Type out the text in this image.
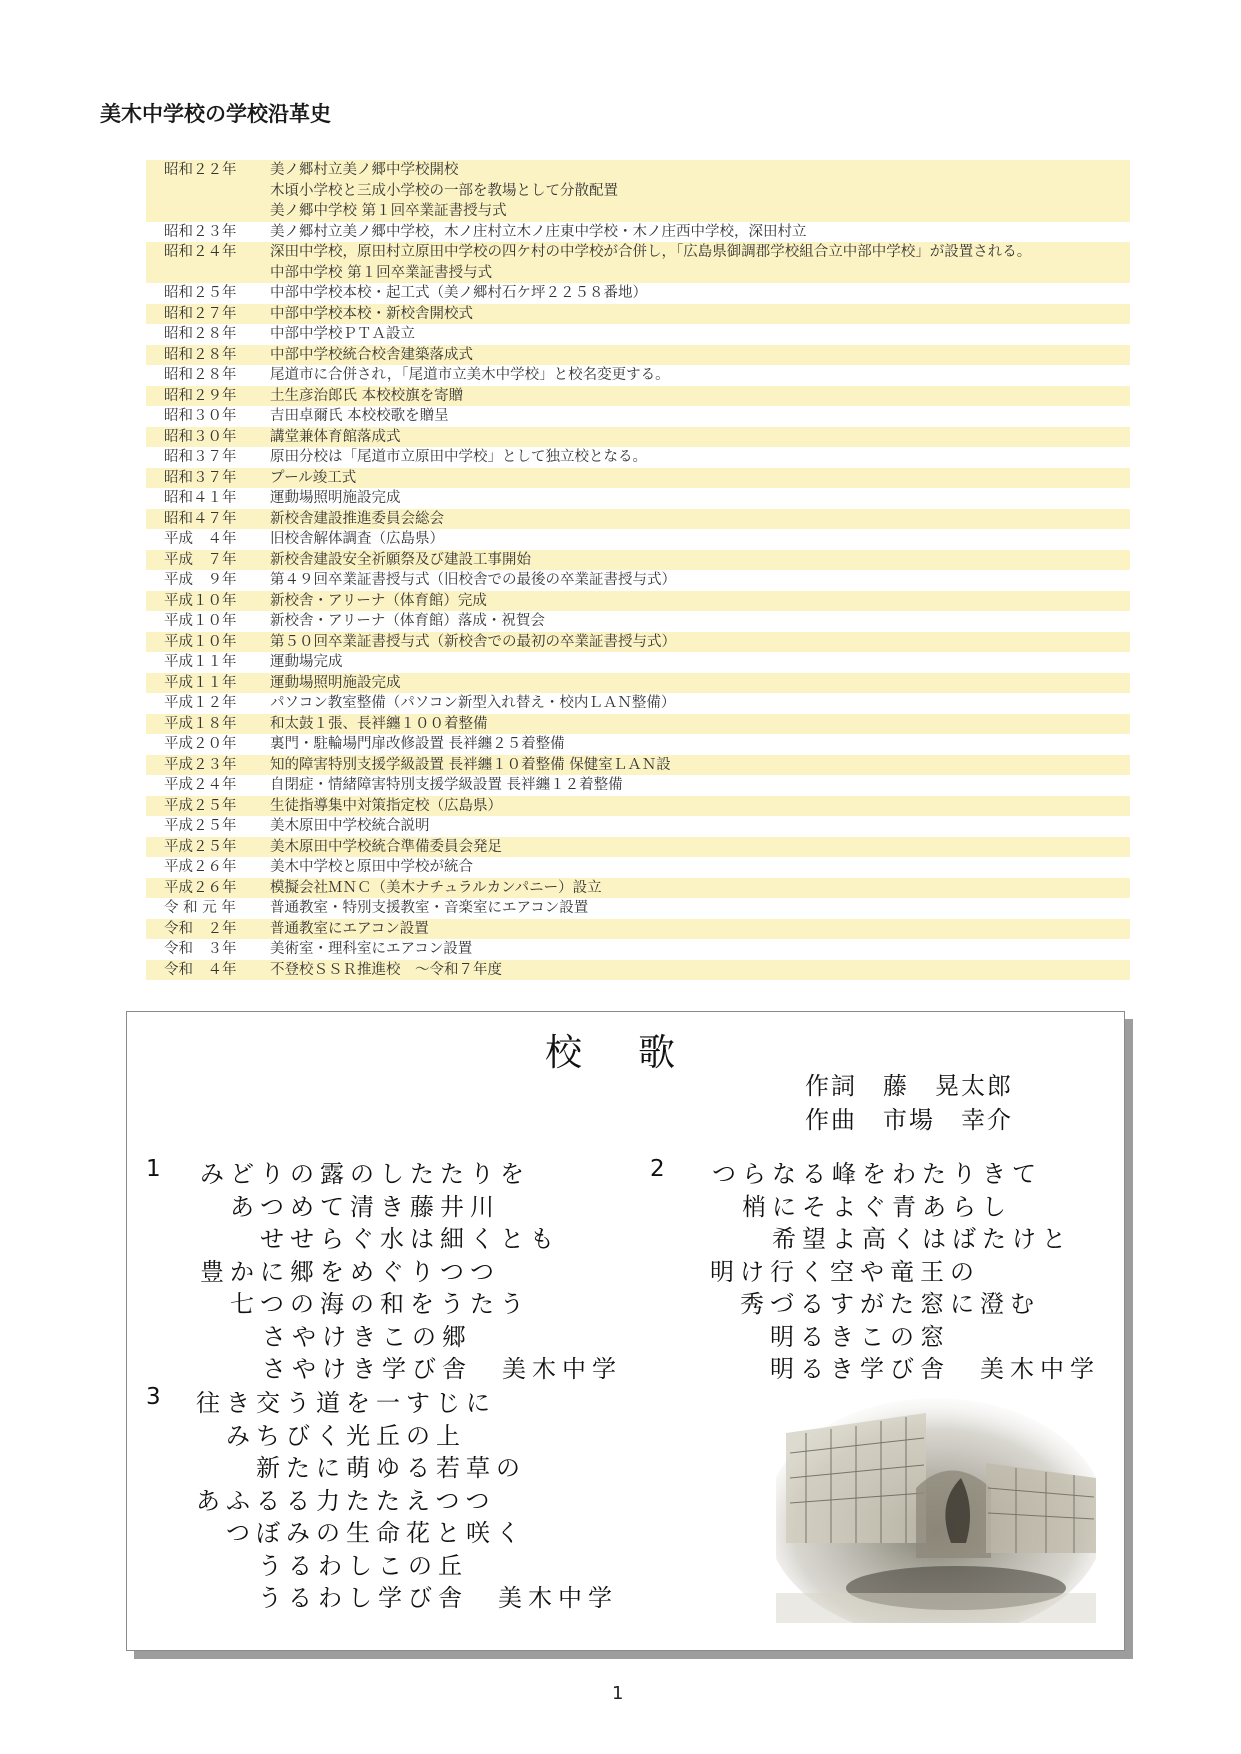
美木中学校の学校沿革史
昭和２２年	美ノ郷村立美ノ郷中学校開校
木頃小学校と三成小学校の一部を教場として分散配置
美ノ郷中学校 第１回卒業証書授与式
昭和２３年	美ノ郷村立美ノ郷中学校，木ノ庄村立木ノ庄東中学校・木ノ庄西中学校，深田村立
昭和２４年	深田中学校，原田村立原田中学校の四ケ村の中学校が合併し，「広島県御調郡学校組合立中部中学校」が設置される。
中部中学校 第１回卒業証書授与式
昭和２５年	中部中学校本校・起工式（美ノ郷村石ケ坪２２５８番地）
昭和２７年	中部中学校本校・新校舎開校式
昭和２８年	中部中学校ＰＴＡ設立
昭和２８年	中部中学校統合校舎建築落成式
昭和２８年	尾道市に合併され，「尾道市立美木中学校」と校名変更する。
昭和２９年	土生彦治郎氏 本校校旗を寄贈
昭和３０年	吉田卓爾氏 本校校歌を贈呈
昭和３０年	講堂兼体育館落成式
昭和３７年	原田分校は「尾道市立原田中学校」として独立校となる。
昭和３７年	プール竣工式
昭和４１年	運動場照明施設完成
昭和４７年	新校舎建設推進委員会総会
平成　４年	旧校舎解体調査（広島県）
平成　７年	新校舎建設安全祈願祭及び建設工事開始
平成　９年	第４９回卒業証書授与式（旧校舎での最後の卒業証書授与式）
平成１０年	新校舎・アリーナ（体育館）完成
平成１０年	新校舎・アリーナ（体育館）落成・祝賀会
平成１０年	第５０回卒業証書授与式（新校舎での最初の卒業証書授与式）
平成１１年	運動場完成
平成１１年	運動場照明施設完成
平成１２年	パソコン教室整備（パソコン新型入れ替え・校内ＬＡＮ整備）
平成１８年	和太鼓１張、長袢纏１００着整備
平成２０年	裏門・駐輪場門扉改修設置 長袢纏２５着整備
平成２３年	知的障害特別支援学級設置 長袢纏１０着整備 保健室ＬＡＮ設
平成２４年	自閉症・情緒障害特別支援学級設置 長袢纏１２着整備
平成２５年	生徒指導集中対策指定校（広島県）
平成２５年	美木原田中学校統合説明
平成２５年	美木原田中学校統合準備委員会発足
平成２６年	美木中学校と原田中学校が統合
平成２６年	模擬会社ＭＮＣ（美木ナチュラルカンパニー）設立
令 和 元 年	普通教室・特別支援教室・音楽室にエアコン設置
令和　２年	普通教室にエアコン設置
令和　３年	美術室・理科室にエアコン設置
令和　４年	不登校ＳＳＲ推進校　～令和７年度
校歌
作詞　藤　晃太郎
作曲　市場　幸介
1 みどりの露のしたたりを
あつめて清き藤井川
せせらぐ水は細くとも
豊かに郷をめぐりつつ
七つの海の和をうたう
さやけきこの郷
さやけき学び舎　美木中学
2 つらなる峰をわたりきて
梢にそよぐ青あらし
希望よ高くはばたけと
明け行く空や竜王の
秀づるすがた窓に澄む
明るきこの窓
明るき学び舎　美木中学
3 往き交う道を一すじに
みちびく光丘の上
新たに萌ゆる若草の
あふるる力たたえつつ
つぼみの生命花と咲く
うるわしこの丘
うるわし学び舎　美木中学
1
